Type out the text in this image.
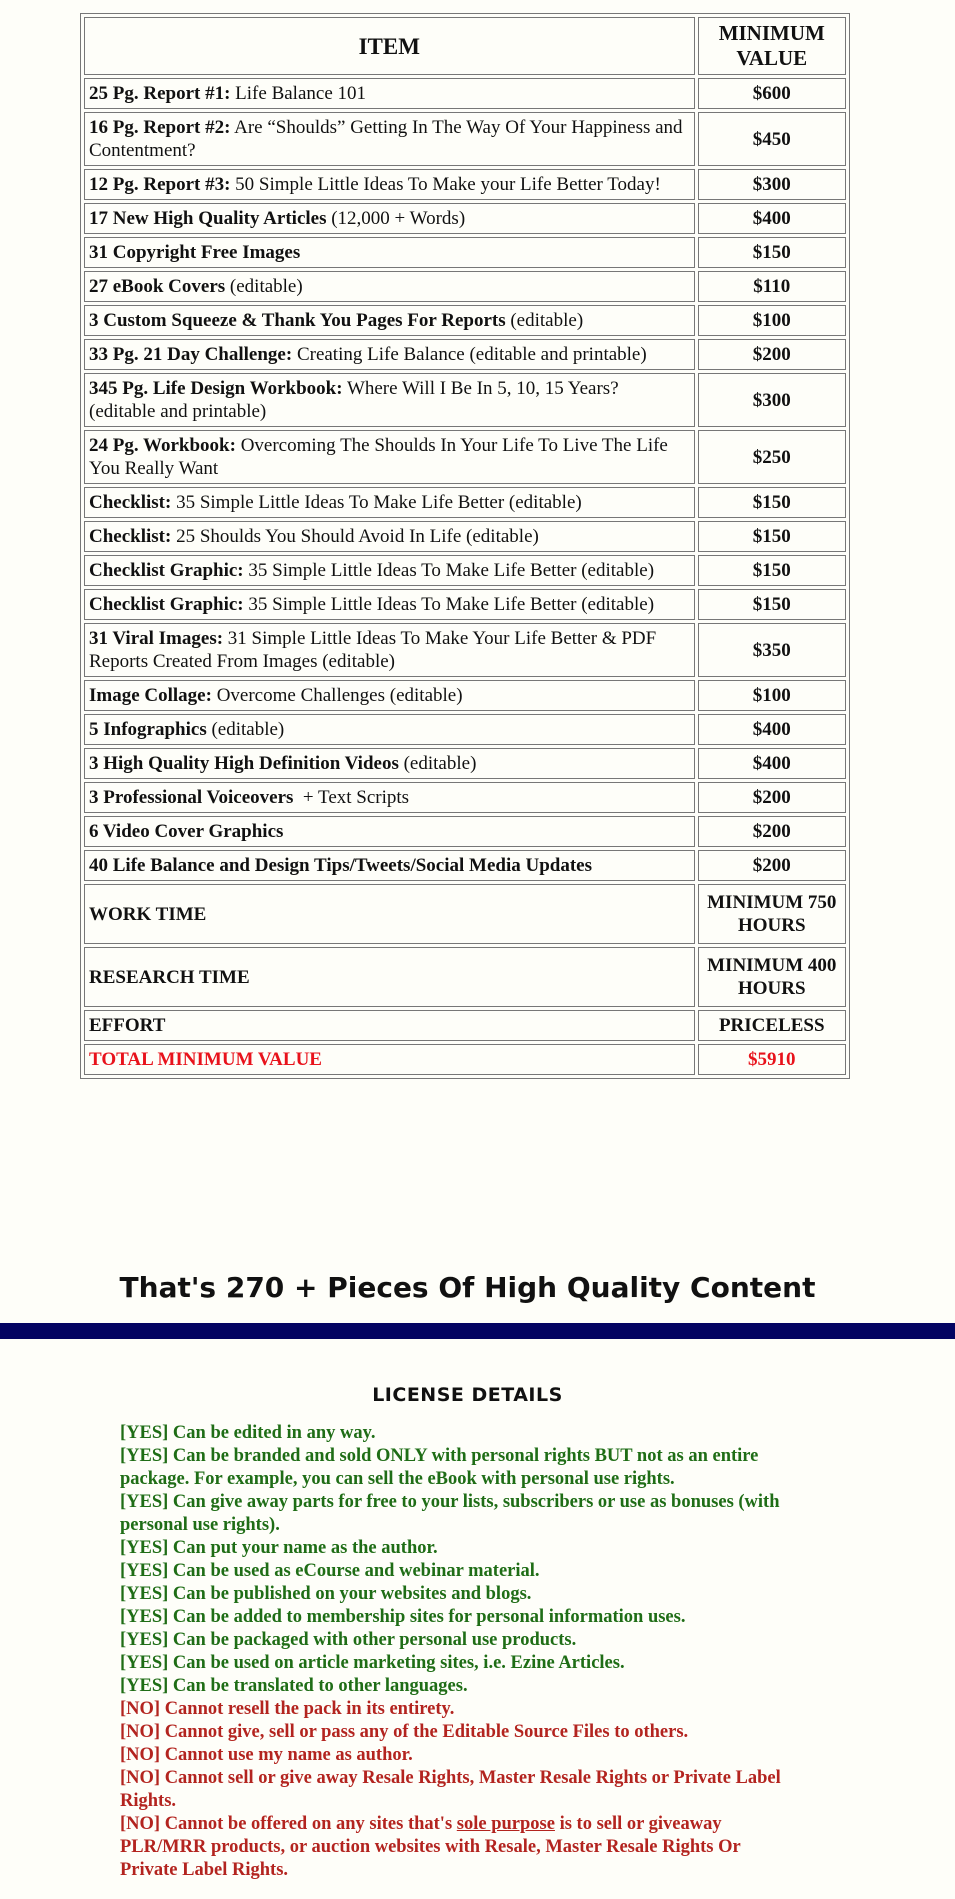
ITEM	MINIMUM VALUE
25 Pg. Report #1: Life Balance 101	$600
16 Pg. Report #2: Are “Shoulds” Getting In The Way Of Your Happiness and Contentment?	$450
12 Pg. Report #3: 50 Simple Little Ideas To Make your Life Better Today!	$300
17 New High Quality Articles (12,000 + Words)	$400
31 Copyright Free Images	$150
27 eBook Covers (editable)	$110
3 Custom Squeeze & Thank You Pages For Reports (editable)	$100
33 Pg. 21 Day Challenge: Creating Life Balance (editable and printable)	$200
345 Pg. Life Design Workbook: Where Will I Be In 5, 10, 15 Years? (editable and printable)	$300
24 Pg. Workbook: Overcoming The Shoulds In Your Life To Live The Life You Really Want	$250
Checklist: 35 Simple Little Ideas To Make Life Better (editable)	$150
Checklist: 25 Shoulds You Should Avoid In Life (editable)	$150
Checklist Graphic: 35 Simple Little Ideas To Make Life Better (editable)	$150
Checklist Graphic: 35 Simple Little Ideas To Make Life Better (editable)	$150
31 Viral Images: 31 Simple Little Ideas To Make Your Life Better & PDF Reports Created From Images (editable)	$350
Image Collage: Overcome Challenges (editable)	$100
5 Infographics (editable)	$400
3 High Quality High Definition Videos (editable)	$400
3 Professional Voiceovers  + Text Scripts	$200
6 Video Cover Graphics	$200
40 Life Balance and Design Tips/Tweets/Social Media Updates	$200
WORK TIME	MINIMUM 750 HOURS
RESEARCH TIME	MINIMUM 400 HOURS
EFFORT	PRICELESS
TOTAL MINIMUM VALUE	$5910
That's 270 + Pieces Of High Quality Content
LICENSE DETAILS
[YES] Can be edited in any way.
[YES] Can be branded and sold ONLY with personal rights BUT not as an entire package. For example, you can sell the eBook with personal use rights.
[YES] Can give away parts for free to your lists, subscribers or use as bonuses (with personal use rights).
[YES] Can put your name as the author.
[YES] Can be used as eCourse and webinar material.
[YES] Can be published on your websites and blogs.
[YES] Can be added to membership sites for personal information uses.
[YES] Can be packaged with other personal use products.
[YES] Can be used on article marketing sites, i.e. Ezine Articles.
[YES] Can be translated to other languages.
[NO] Cannot resell the pack in its entirety.
[NO] Cannot give, sell or pass any of the Editable Source Files to others.
[NO] Cannot use my name as author.
[NO] Cannot sell or give away Resale Rights, Master Resale Rights or Private Label Rights.
[NO] Cannot be offered on any sites that's sole purpose is to sell or giveaway PLR/MRR products, or auction websites with Resale, Master Resale Rights Or Private Label Rights.
